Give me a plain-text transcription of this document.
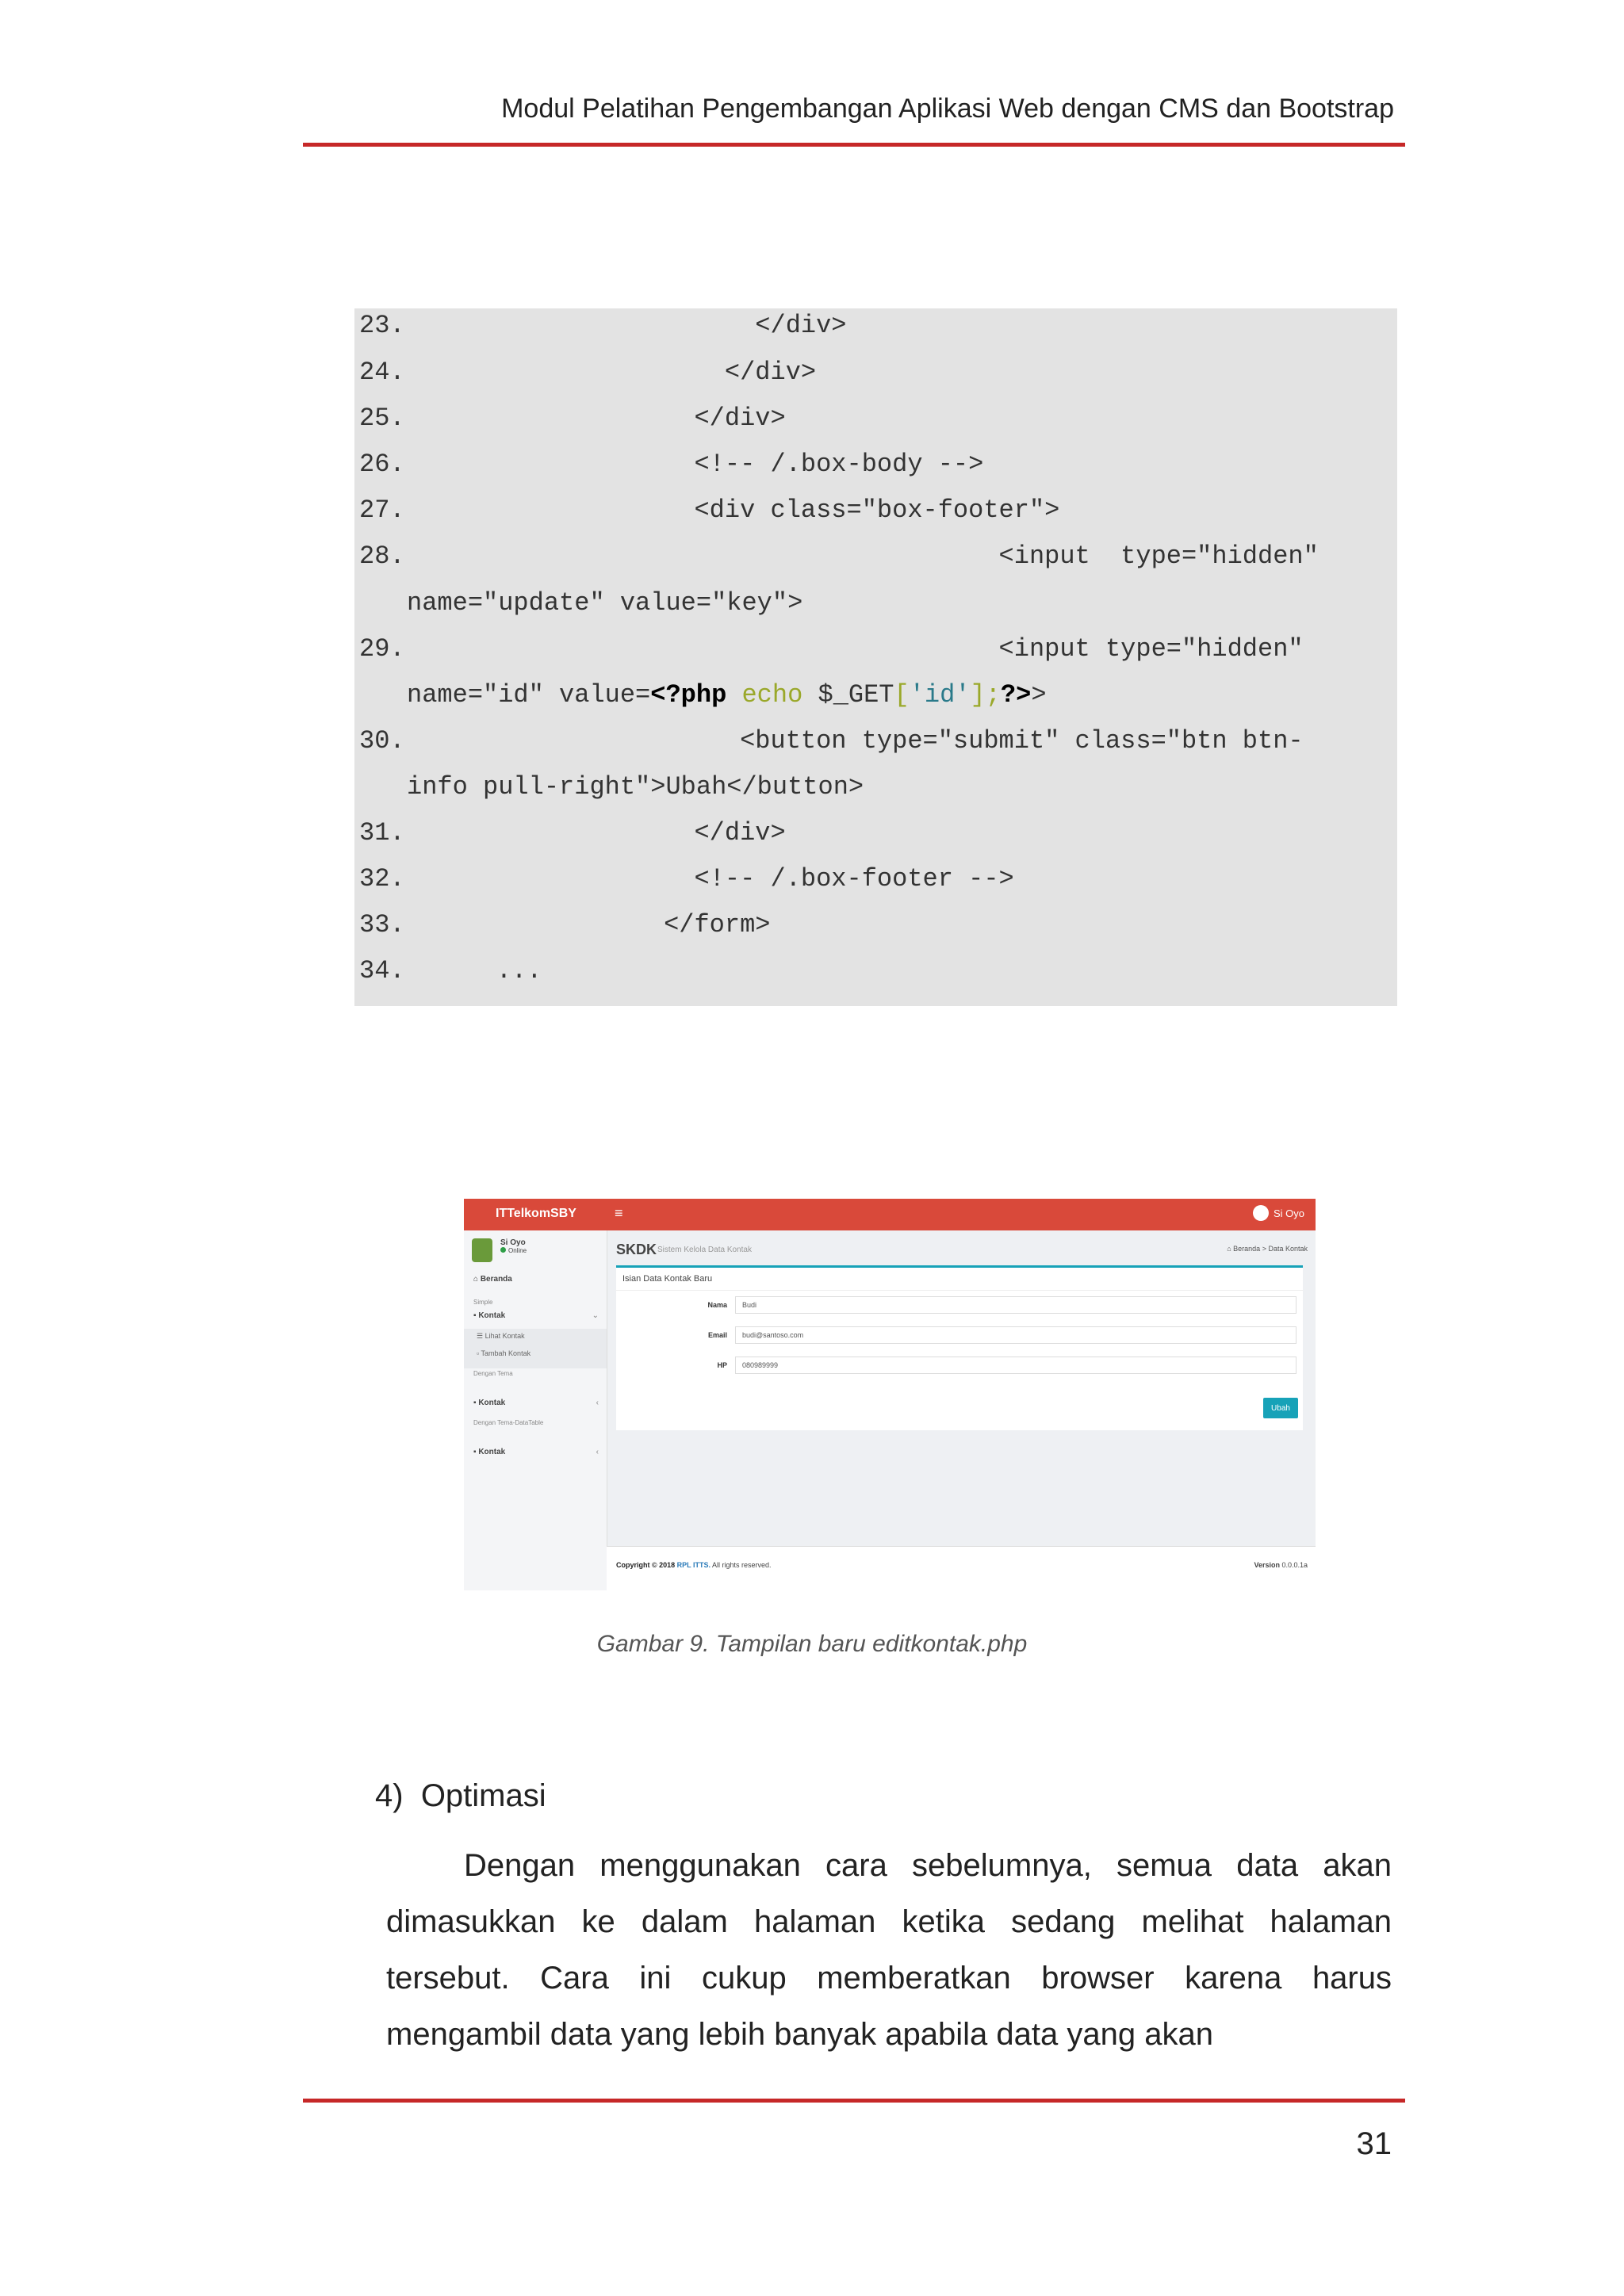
Modul Pelatihan Pengembangan Aplikasi Web dengan CMS dan Bootstrap
23.                       </div>
24.                     </div>
25.                   </div>
26.                   <!-- /.box-body -->
27.                   <div class="box-footer">
28.                                       <input  type="hidden"
name="update" value="key">
29.                                       <input type="hidden"
name="id" value=<?php echo $_GET['id'];?>>
30.                      <button type="submit" class="btn btn-
info pull-right">Ubah</button>
31.                   </div>
32.                   <!-- /.box-footer -->
33.                 </form>
34.      ...
ITTelkomSBY	≡	Si Oyo
Si Oyo
Online
⌂ Beranda
Simple
▪ Kontak	⌄
☰ Lihat Kontak
▫ Tambah Kontak
Dengan Tema
▪ Kontak	‹
Dengan Tema-DataTable
▪ Kontak	‹
SKDK Sistem Kelola Data Kontak	⌂ Beranda > Data Kontak
Isian Data Kontak Baru
Nama	Budi
Email	budi@santoso.com
HP	080989999
Ubah
Copyright © 2018 RPL ITTS. All rights reserved.	Version 0.0.0.1a
Gambar 9. Tampilan baru editkontak.php
4) Optimasi
Dengan menggunakan cara sebelumnya, semua data akan dimasukkan ke dalam halaman ketika sedang melihat halaman tersebut. Cara ini cukup memberatkan browser karena harus mengambil data yang lebih banyak apabila data yang akan
31
